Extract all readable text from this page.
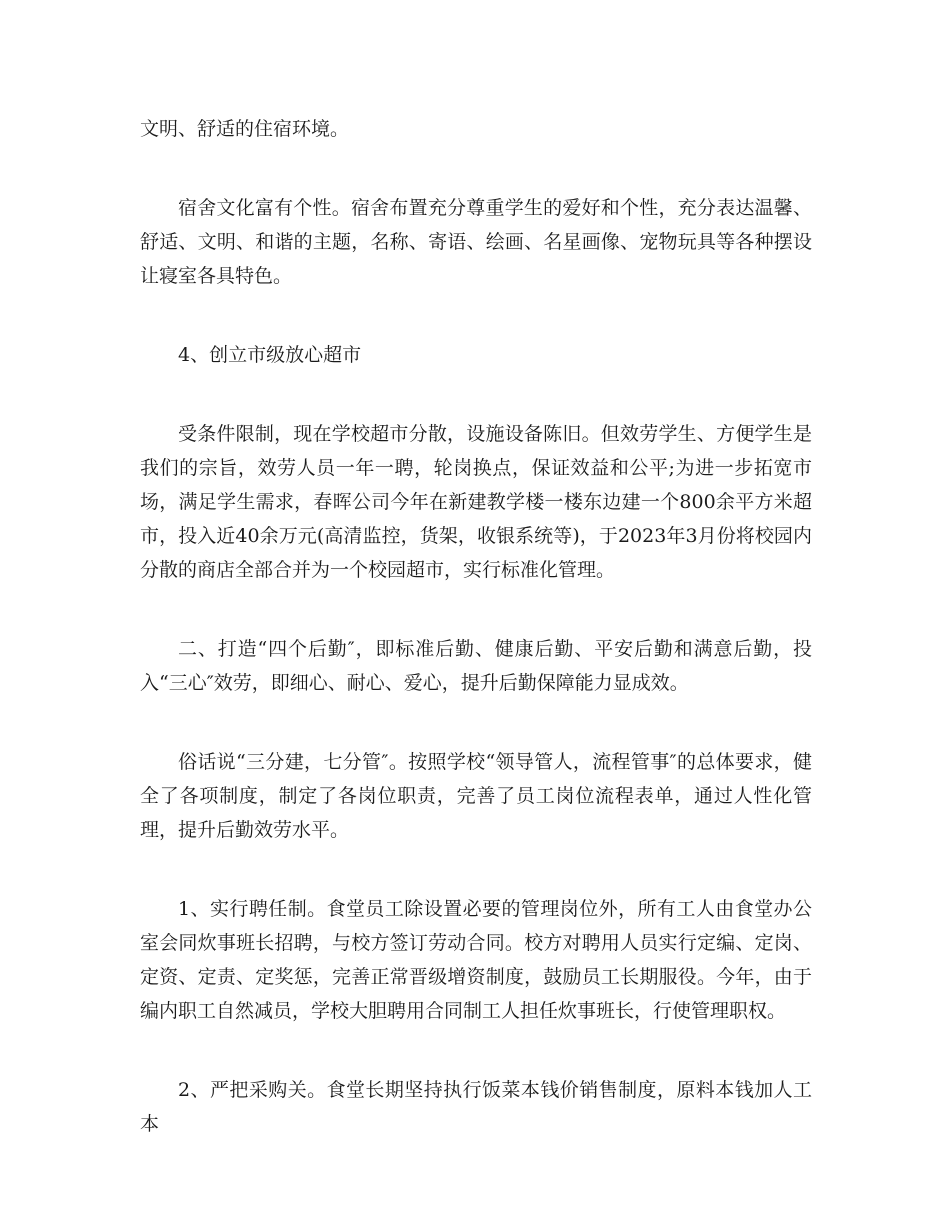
文明、舒适的住宿环境。

宿舍文化富有个性。宿舍布置充分尊重学生的爱好和个性，充分表达温馨、舒适、文明、和谐的主题，名称、寄语、绘画、名星画像、宠物玩具等各种摆设让寝室各具特色。

4、创立市级放心超市

受条件限制，现在学校超市分散，设施设备陈旧。但效劳学生、方便学生是我们的宗旨，效劳人员一年一聘，轮岗换点，保证效益和公平;为进一步拓宽市场，满足学生需求，春晖公司今年在新建教学楼一楼东边建一个800余平方米超市，投入近40余万元(高清监控，货架，收银系统等)，于2023年3月份将校园内分散的商店全部合并为一个校园超市，实行标准化管理。

二、打造“四个后勤″，即标准后勤、健康后勤、平安后勤和满意后勤，投入“三心″效劳，即细心、耐心、爱心，提升后勤保障能力显成效。

俗话说“三分建，七分管″。按照学校“领导管人，流程管事″的总体要求，健全了各项制度，制定了各岗位职责，完善了员工岗位流程表单，通过人性化管理，提升后勤效劳水平。

1、实行聘任制。食堂员工除设置必要的管理岗位外，所有工人由食堂办公室会同炊事班长招聘，与校方签订劳动合同。校方对聘用人员实行定编、定岗、定资、定责、定奖惩，完善正常晋级增资制度，鼓励员工长期服役。今年，由于编内职工自然减员，学校大胆聘用合同制工人担任炊事班长，行使管理职权。

2、严把采购关。食堂长期坚持执行饭菜本钱价销售制度，原料本钱加人工本
